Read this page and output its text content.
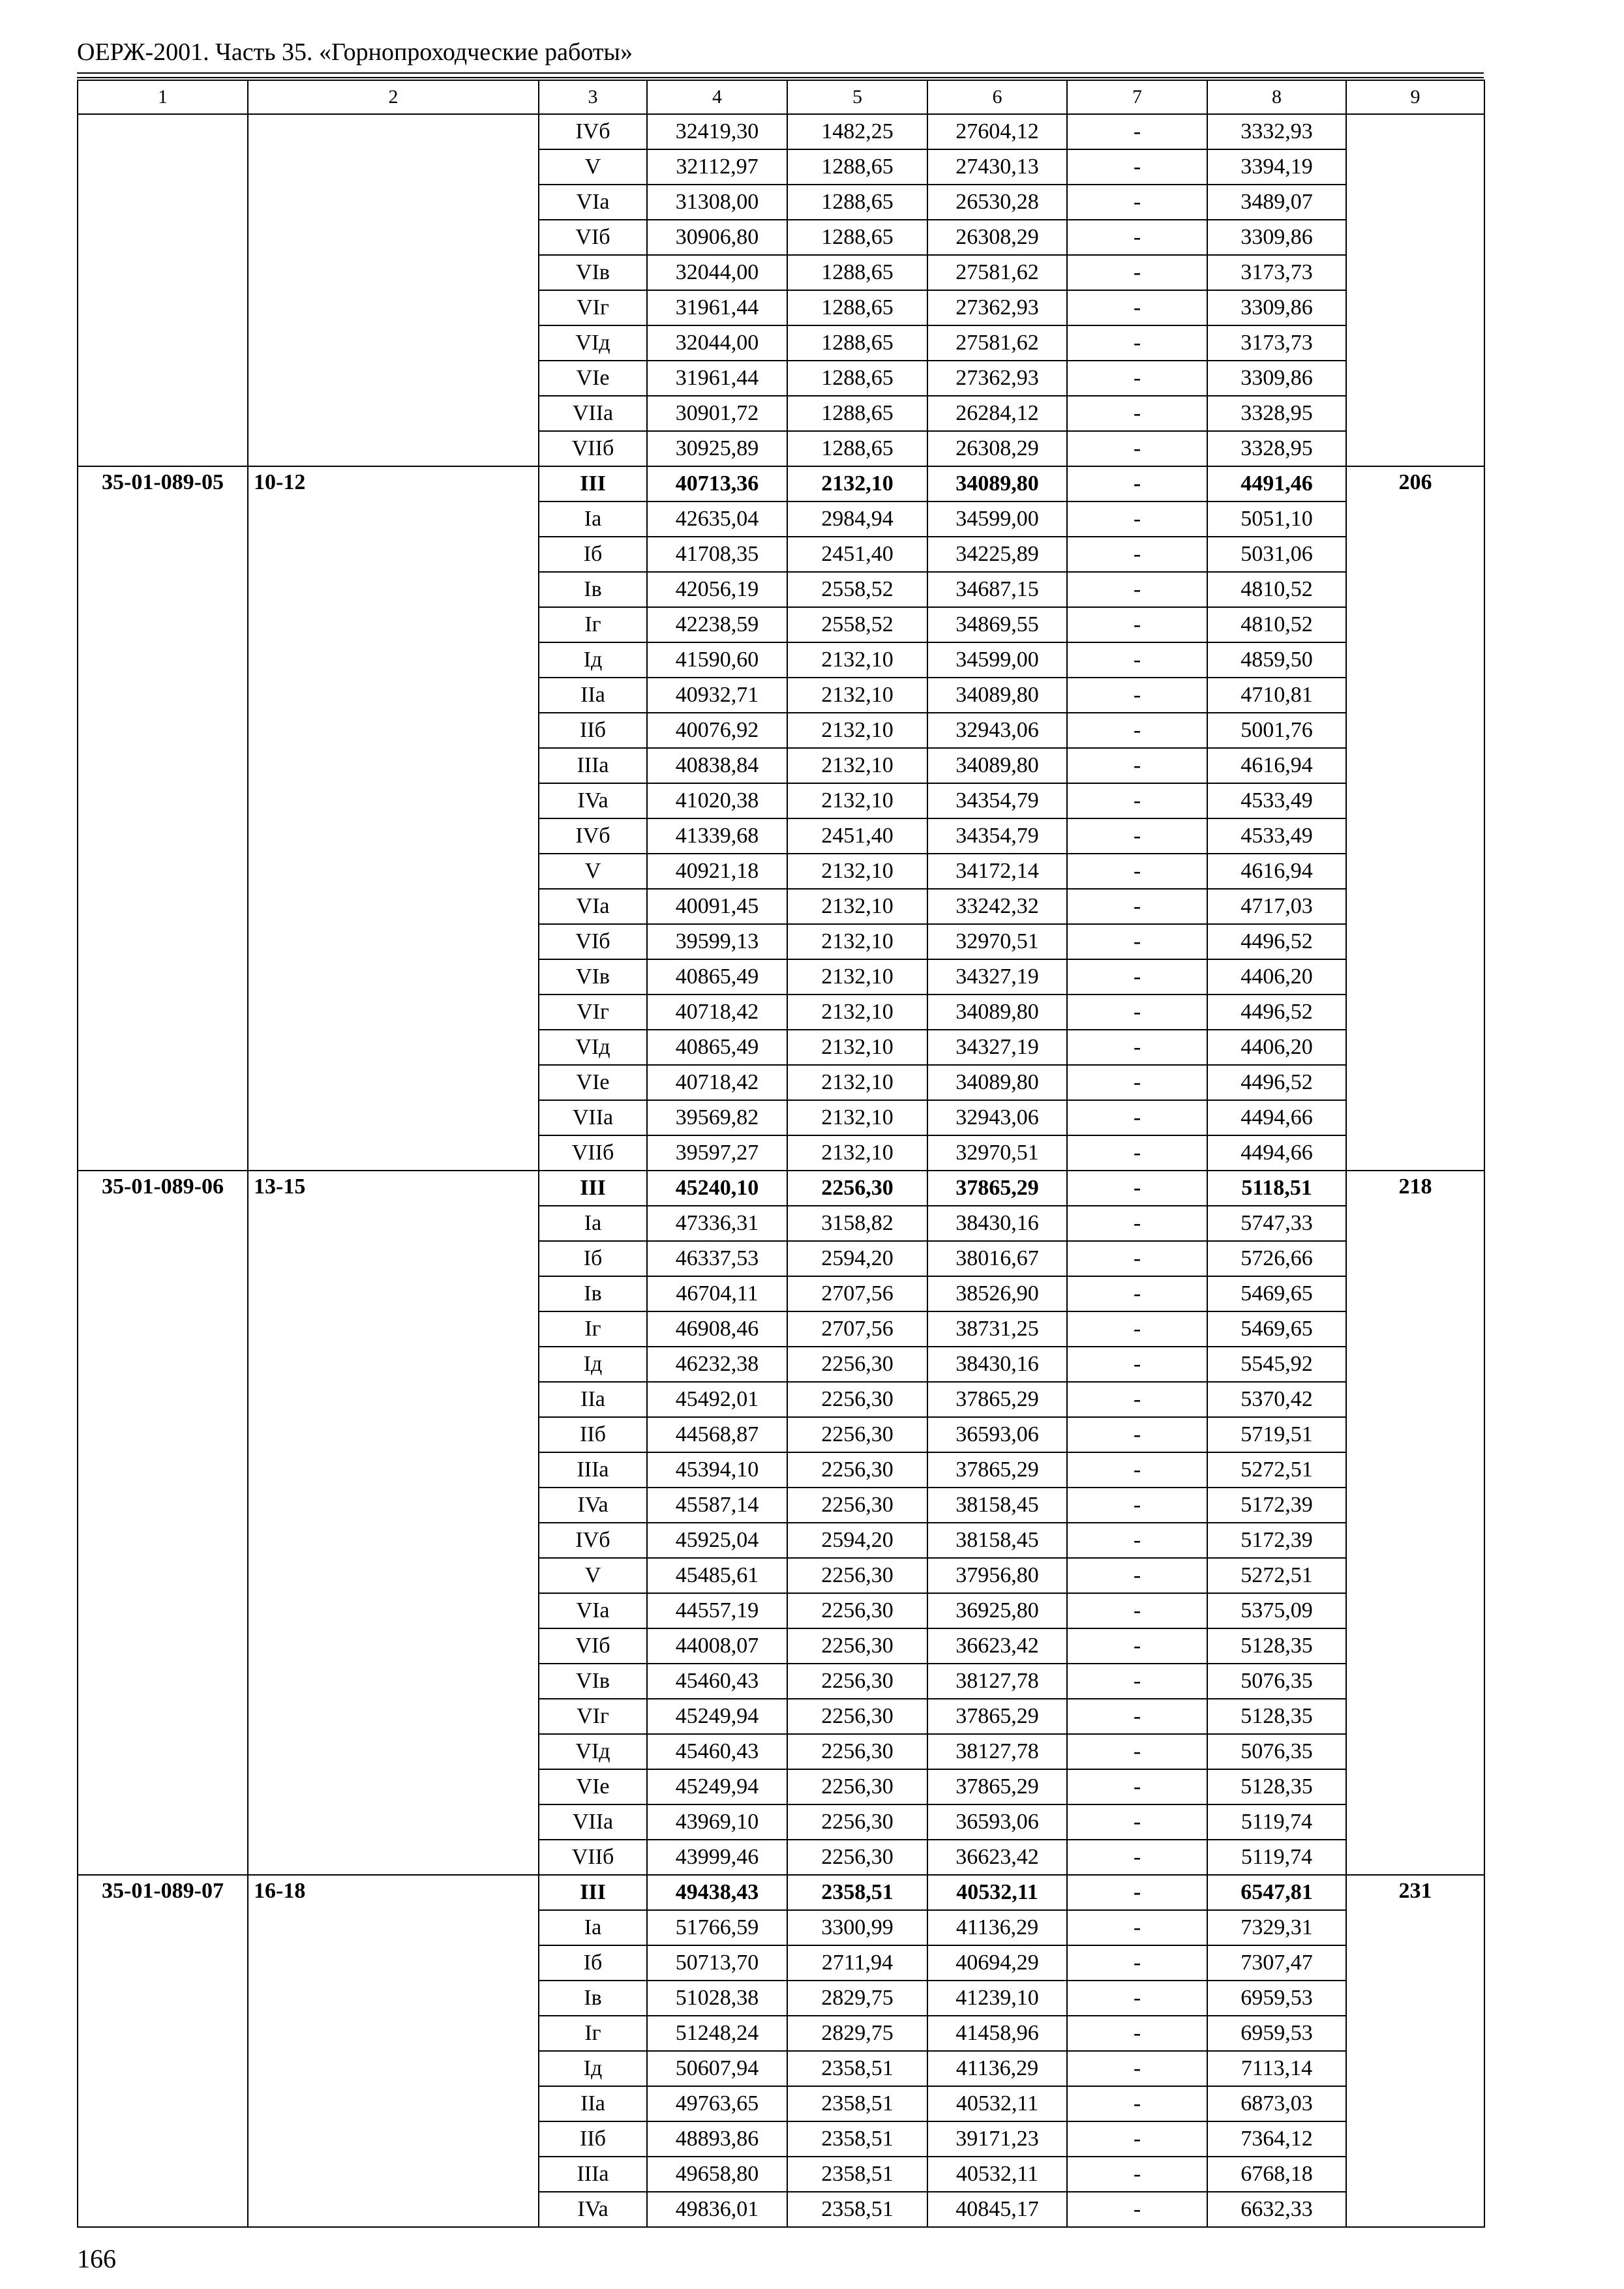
ОЕРЖ-2001. Часть 35. «Горнопроходческие работы»
1	2	3	4	5	6	7	8	9
		IVб	32419,30	1482,25	27604,12	-	3332,93	
		V	32112,97	1288,65	27430,13	-	3394,19	
		VIa	31308,00	1288,65	26530,28	-	3489,07	
		VIб	30906,80	1288,65	26308,29	-	3309,86	
		VIв	32044,00	1288,65	27581,62	-	3173,73	
		VIг	31961,44	1288,65	27362,93	-	3309,86	
		VIд	32044,00	1288,65	27581,62	-	3173,73	
		VIe	31961,44	1288,65	27362,93	-	3309,86	
		VIIa	30901,72	1288,65	26284,12	-	3328,95	
		VIIб	30925,89	1288,65	26308,29	-	3328,95	
35-01-089-05	10-12	III	40713,36	2132,10	34089,80	-	4491,46	206
		Ia	42635,04	2984,94	34599,00	-	5051,10	
		Iб	41708,35	2451,40	34225,89	-	5031,06	
		Iв	42056,19	2558,52	34687,15	-	4810,52	
		Iг	42238,59	2558,52	34869,55	-	4810,52	
		Iд	41590,60	2132,10	34599,00	-	4859,50	
		IIa	40932,71	2132,10	34089,80	-	4710,81	
		IIб	40076,92	2132,10	32943,06	-	5001,76	
		IIIa	40838,84	2132,10	34089,80	-	4616,94	
		IVa	41020,38	2132,10	34354,79	-	4533,49	
		IVб	41339,68	2451,40	34354,79	-	4533,49	
		V	40921,18	2132,10	34172,14	-	4616,94	
		VIa	40091,45	2132,10	33242,32	-	4717,03	
		VIб	39599,13	2132,10	32970,51	-	4496,52	
		VIв	40865,49	2132,10	34327,19	-	4406,20	
		VIг	40718,42	2132,10	34089,80	-	4496,52	
		VIд	40865,49	2132,10	34327,19	-	4406,20	
		VIe	40718,42	2132,10	34089,80	-	4496,52	
		VIIa	39569,82	2132,10	32943,06	-	4494,66	
		VIIб	39597,27	2132,10	32970,51	-	4494,66	
35-01-089-06	13-15	III	45240,10	2256,30	37865,29	-	5118,51	218
		Ia	47336,31	3158,82	38430,16	-	5747,33	
		Iб	46337,53	2594,20	38016,67	-	5726,66	
		Iв	46704,11	2707,56	38526,90	-	5469,65	
		Iг	46908,46	2707,56	38731,25	-	5469,65	
		Iд	46232,38	2256,30	38430,16	-	5545,92	
		IIa	45492,01	2256,30	37865,29	-	5370,42	
		IIб	44568,87	2256,30	36593,06	-	5719,51	
		IIIa	45394,10	2256,30	37865,29	-	5272,51	
		IVa	45587,14	2256,30	38158,45	-	5172,39	
		IVб	45925,04	2594,20	38158,45	-	5172,39	
		V	45485,61	2256,30	37956,80	-	5272,51	
		VIa	44557,19	2256,30	36925,80	-	5375,09	
		VIб	44008,07	2256,30	36623,42	-	5128,35	
		VIв	45460,43	2256,30	38127,78	-	5076,35	
		VIг	45249,94	2256,30	37865,29	-	5128,35	
		VIд	45460,43	2256,30	38127,78	-	5076,35	
		VIe	45249,94	2256,30	37865,29	-	5128,35	
		VIIa	43969,10	2256,30	36593,06	-	5119,74	
		VIIб	43999,46	2256,30	36623,42	-	5119,74	
35-01-089-07	16-18	III	49438,43	2358,51	40532,11	-	6547,81	231
		Ia	51766,59	3300,99	41136,29	-	7329,31	
		Iб	50713,70	2711,94	40694,29	-	7307,47	
		Iв	51028,38	2829,75	41239,10	-	6959,53	
		Iг	51248,24	2829,75	41458,96	-	6959,53	
		Iд	50607,94	2358,51	41136,29	-	7113,14	
		IIa	49763,65	2358,51	40532,11	-	6873,03	
		IIб	48893,86	2358,51	39171,23	-	7364,12	
		IIIa	49658,80	2358,51	40532,11	-	6768,18	
		IVa	49836,01	2358,51	40845,17	-	6632,33	
166
